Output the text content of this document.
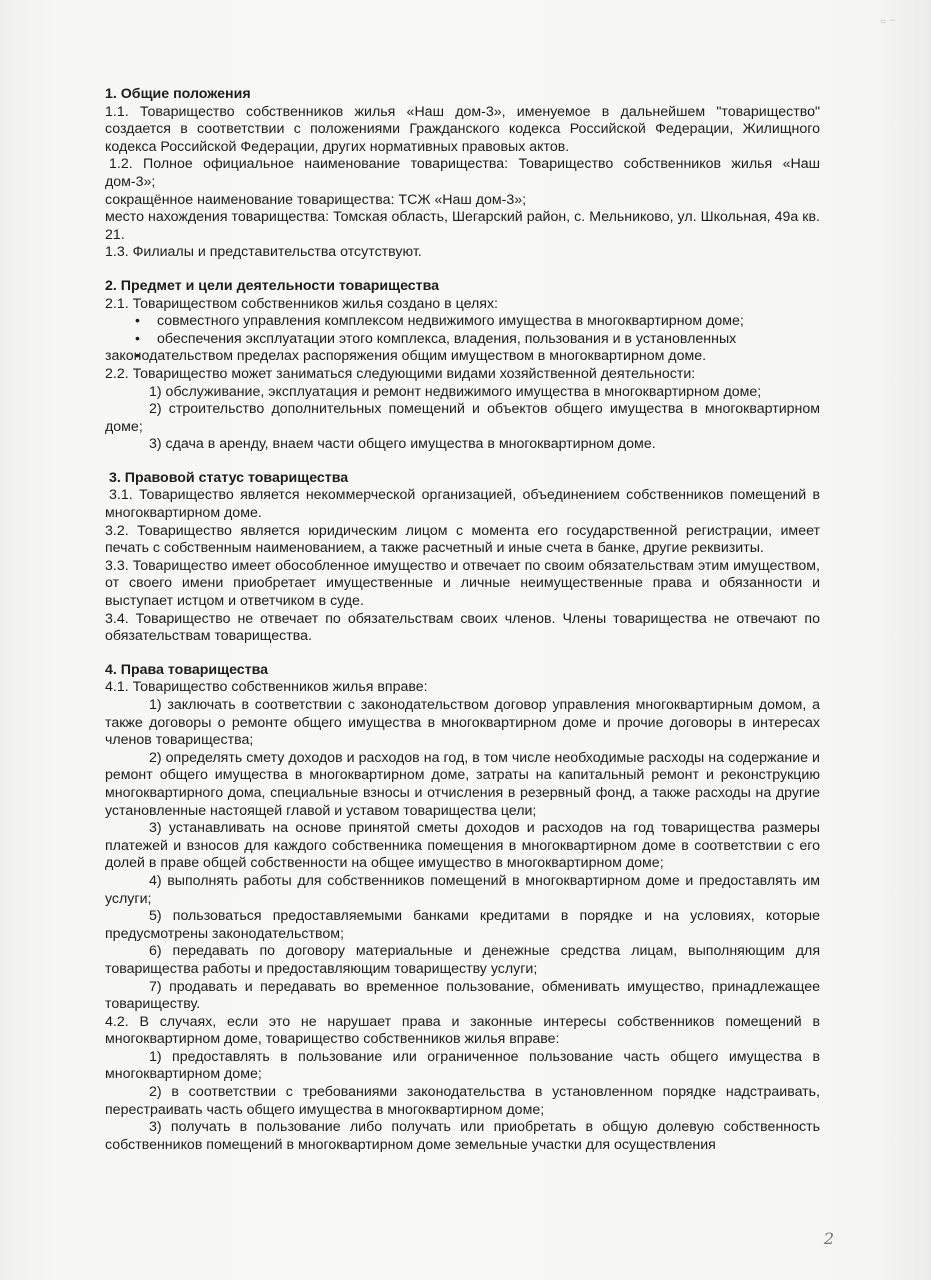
≈ ~
1. Общие положения

1.1. Товарищество собственников жилья «Наш дом-3», именуемое в дальнейшем "товарищество" создается в соответствии с положениями Гражданского кодекса Российской Федерации, Жилищного кодекса Российской Федерации, других нормативных правовых актов.

1.2. Полное официальное наименование товарищества: Товарищество собственников жилья «Наш дом-3»;

сокращённое наименование товарищества: ТСЖ «Наш дом-3»;

место нахождения товарищества: Томская область, Шегарский район, с. Мельниково, ул. Школьная, 49а кв. 21.

1.3. Филиалы и представительства отсутствуют.

2. Предмет и цели деятельности товарищества

2.1. Товариществом собственников жилья создано в целях:

• совместного управления комплексом недвижимого имущества в многоквартирном доме;
• обеспечения эксплуатации этого комплекса, владения, пользования и в установленных
• законодательством пределах распоряжения общим имуществом в многоквартирном доме.

2.2. Товарищество может заниматься следующими видами хозяйственной деятельности:

1) обслуживание, эксплуатация и ремонт недвижимого имущества в многоквартирном доме;

2) строительство дополнительных помещений и объектов общего имущества в многоквартирном доме;

3) сдача в аренду, внаем части общего имущества в многоквартирном доме.

3. Правовой статус товарищества

3.1. Товарищество является некоммерческой организацией, объединением собственников помещений в многоквартирном доме.

3.2. Товарищество является юридическим лицом с момента его государственной регистрации, имеет печать с собственным наименованием, а также расчетный и иные счета в банке, другие реквизиты.

3.3. Товарищество имеет обособленное имущество и отвечает по своим обязательствам этим имуществом, от своего имени приобретает имущественные и личные неимущественные права и обязанности и выступает истцом и ответчиком в суде.

3.4. Товарищество не отвечает по обязательствам своих членов. Члены товарищества не отвечают по обязательствам товарищества.

4. Права товарищества

4.1. Товарищество собственников жилья вправе:

1) заключать в соответствии с законодательством договор управления многоквартирным домом, а также договоры о ремонте общего имущества в многоквартирном доме и прочие договоры в интересах членов товарищества;

2) определять смету доходов и расходов на год, в том числе необходимые расходы на содержание и ремонт общего имущества в многоквартирном доме, затраты на капитальный ремонт и реконструкцию многоквартирного дома, специальные взносы и отчисления в резервный фонд, а также расходы на другие установленные настоящей главой и уставом товарищества цели;

3) устанавливать на основе принятой сметы доходов и расходов на год товарищества размеры платежей и взносов для каждого собственника помещения в многоквартирном доме в соответствии с его долей в праве общей собственности на общее имущество в многоквартирном доме;

4) выполнять работы для собственников помещений в многоквартирном доме и предоставлять им услуги;

5) пользоваться предоставляемыми банками кредитами в порядке и на условиях, которые предусмотрены законодательством;

6) передавать по договору материальные и денежные средства лицам, выполняющим для товарищества работы и предоставляющим товариществу услуги;

7) продавать и передавать во временное пользование, обменивать имущество, принадлежащее товариществу.

4.2. В случаях, если это не нарушает права и законные интересы собственников помещений в многоквартирном доме, товарищество собственников жилья вправе:

1) предоставлять в пользование или ограниченное пользование часть общего имущества в многоквартирном доме;

2) в соответствии с требованиями законодательства в установленном порядке надстраивать, перестраивать часть общего имущества в многоквартирном доме;

3) получать в пользование либо получать или приобретать в общую долевую собственность собственников помещений в многоквартирном доме земельные участки для осуществления

2
